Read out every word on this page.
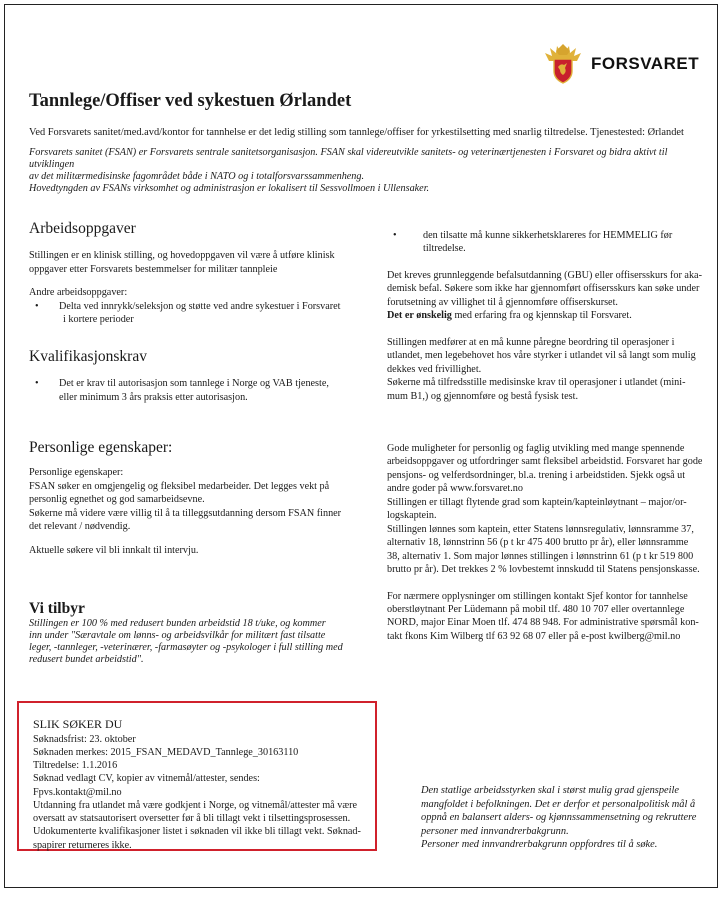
FORSVARET
Tannlege/Offiser ved sykestuen Ørlandet

Ved Forsvarets sanitet/med.avd/kontor for tannhelse er det ledig stilling som tannlege/offiser for yrkestilsetting med snarlig tiltredelse. Tjenestested: Ørlandet

Forsvarets sanitet (FSAN) er Forsvarets sentrale sanitetsorganisasjon. FSAN skal videreutvikle sanitets- og veterinærtjenesten i Forsvaret og bidra aktivt til utviklingen

av det militærmedisinske fagområdet både i NATO og i totalforsvarssammenheng.

Hovedtyngden av FSANs virksomhet og administrasjon er lokalisert til Sessvollmoen i Ullensaker.

Arbeidsoppgaver

Stillingen er en klinisk stilling, og hovedoppgaven vil være å utføre klinisk

oppgaver etter Forsvarets bestemmelser for militær tannpleie

Andre arbeidsoppgaver:

•	Delta ved innrykk/seleksjon og støtte ved andre sykestuer i Forsvaret
i kortere perioder
Kvalifikasjonskrav
•	Det er krav til autorisasjon som tannlege i Norge og VAB tjeneste,
eller minimum 3 års praksis etter autorisasjon.
Personlige egenskaper:

Personlige egenskaper:

FSAN søker en omgjengelig og fleksibel medarbeider. Det legges vekt på

personlig egnethet og god samarbeidsevne.

Søkerne må videre være villig til å ta tilleggsutdanning dersom FSAN finner

det relevant / nødvendig.

Aktuelle søkere vil bli innkalt til intervju.

Vi tilbyr

Stillingen er 100 % med redusert bunden arbeidstid 18 t/uke, og kommer

inn under "Særavtale om lønns- og arbeidsvilkår for militært fast tilsatte

leger, -tannleger, -veterinærer, -farmasøyter og -psykologer i full stilling med

redusert bundet arbeidstid".

•	den tilsatte må kunne sikkerhetsklareres for HEMMELIG før
tiltredelse.

Det kreves grunnleggende befalsutdanning (GBU) eller offisersskurs for aka-

demisk befal. Søkere som ikke har gjennomført offisersskurs kan søke under

forutsetning av villighet til å gjennomføre offiserskurset.

Det er ønskelig med erfaring fra og kjennskap til Forsvaret.

Stillingen medfører at en må kunne påregne beordring til operasjoner i

utlandet, men legebehovet hos våre styrker i utlandet vil så langt som mulig

dekkes ved frivillighet.

Søkerne må tilfredsstille medisinske krav til operasjoner i utlandet (mini-

mum B1,) og gjennomføre og bestå fysisk test.

Gode muligheter for personlig og faglig utvikling med mange spennende

arbeidsoppgaver og utfordringer samt fleksibel arbeidstid. Forsvaret har gode

pensjons- og velferdsordninger, bl.a. trening i arbeidstiden. Sjekk også ut

andre goder på www.forsvaret.no

Stillingen er tillagt flytende grad som kaptein/kapteinløytnant – major/or-

logskaptein.

Stillingen lønnes som kaptein, etter Statens lønnsregulativ, lønnsramme 37,

alternativ 18, lønnstrinn 56 (p t kr 475 400 brutto pr år), eller lønnsramme

38, alternativ 1. Som major lønnes stillingen i lønnstrinn 61 (p t kr 519 800

brutto pr år). Det trekkes 2 % lovbestemt innskudd til Statens pensjonskasse.

For nærmere opplysninger om stillingen kontakt Sjef kontor for tannhelse

oberstløytnant Per Lüdemann på mobil tlf. 480 10 707 eller overtannlege

NORD, major Einar Moen tlf. 474 88 948. For administrative spørsmål kon-

takt fkons Kim Wilberg tlf 63 92 68 07 eller på e-post kwilberg@mil.no

SLIK SØKER DU

Søknadsfrist: 23. oktober

Søknaden merkes: 2015_FSAN_MEDAVD_Tannlege_30163110

Tiltredelse: 1.1.2016

Søknad vedlagt CV, kopier av vitnemål/attester, sendes:

Fpvs.kontakt@mil.no

Utdanning fra utlandet må være godkjent i Norge, og vitnemål/attester må være

oversatt av statsautorisert oversetter før å bli tillagt vekt i tilsettingsprosessen.

Udokumenterte kvalifikasjoner listet i søknaden vil ikke bli tillagt vekt. Søknad-

spapirer returneres ikke.

Den statlige arbeidsstyrken skal i størst mulig grad gjenspeile

mangfoldet i befolkningen. Det er derfor et personalpolitisk mål å

oppnå en balansert alders- og kjønnssammensetning og rekruttere

personer med innvandrerbakgrunn.

Personer med innvandrerbakgrunn oppfordres til å søke.
